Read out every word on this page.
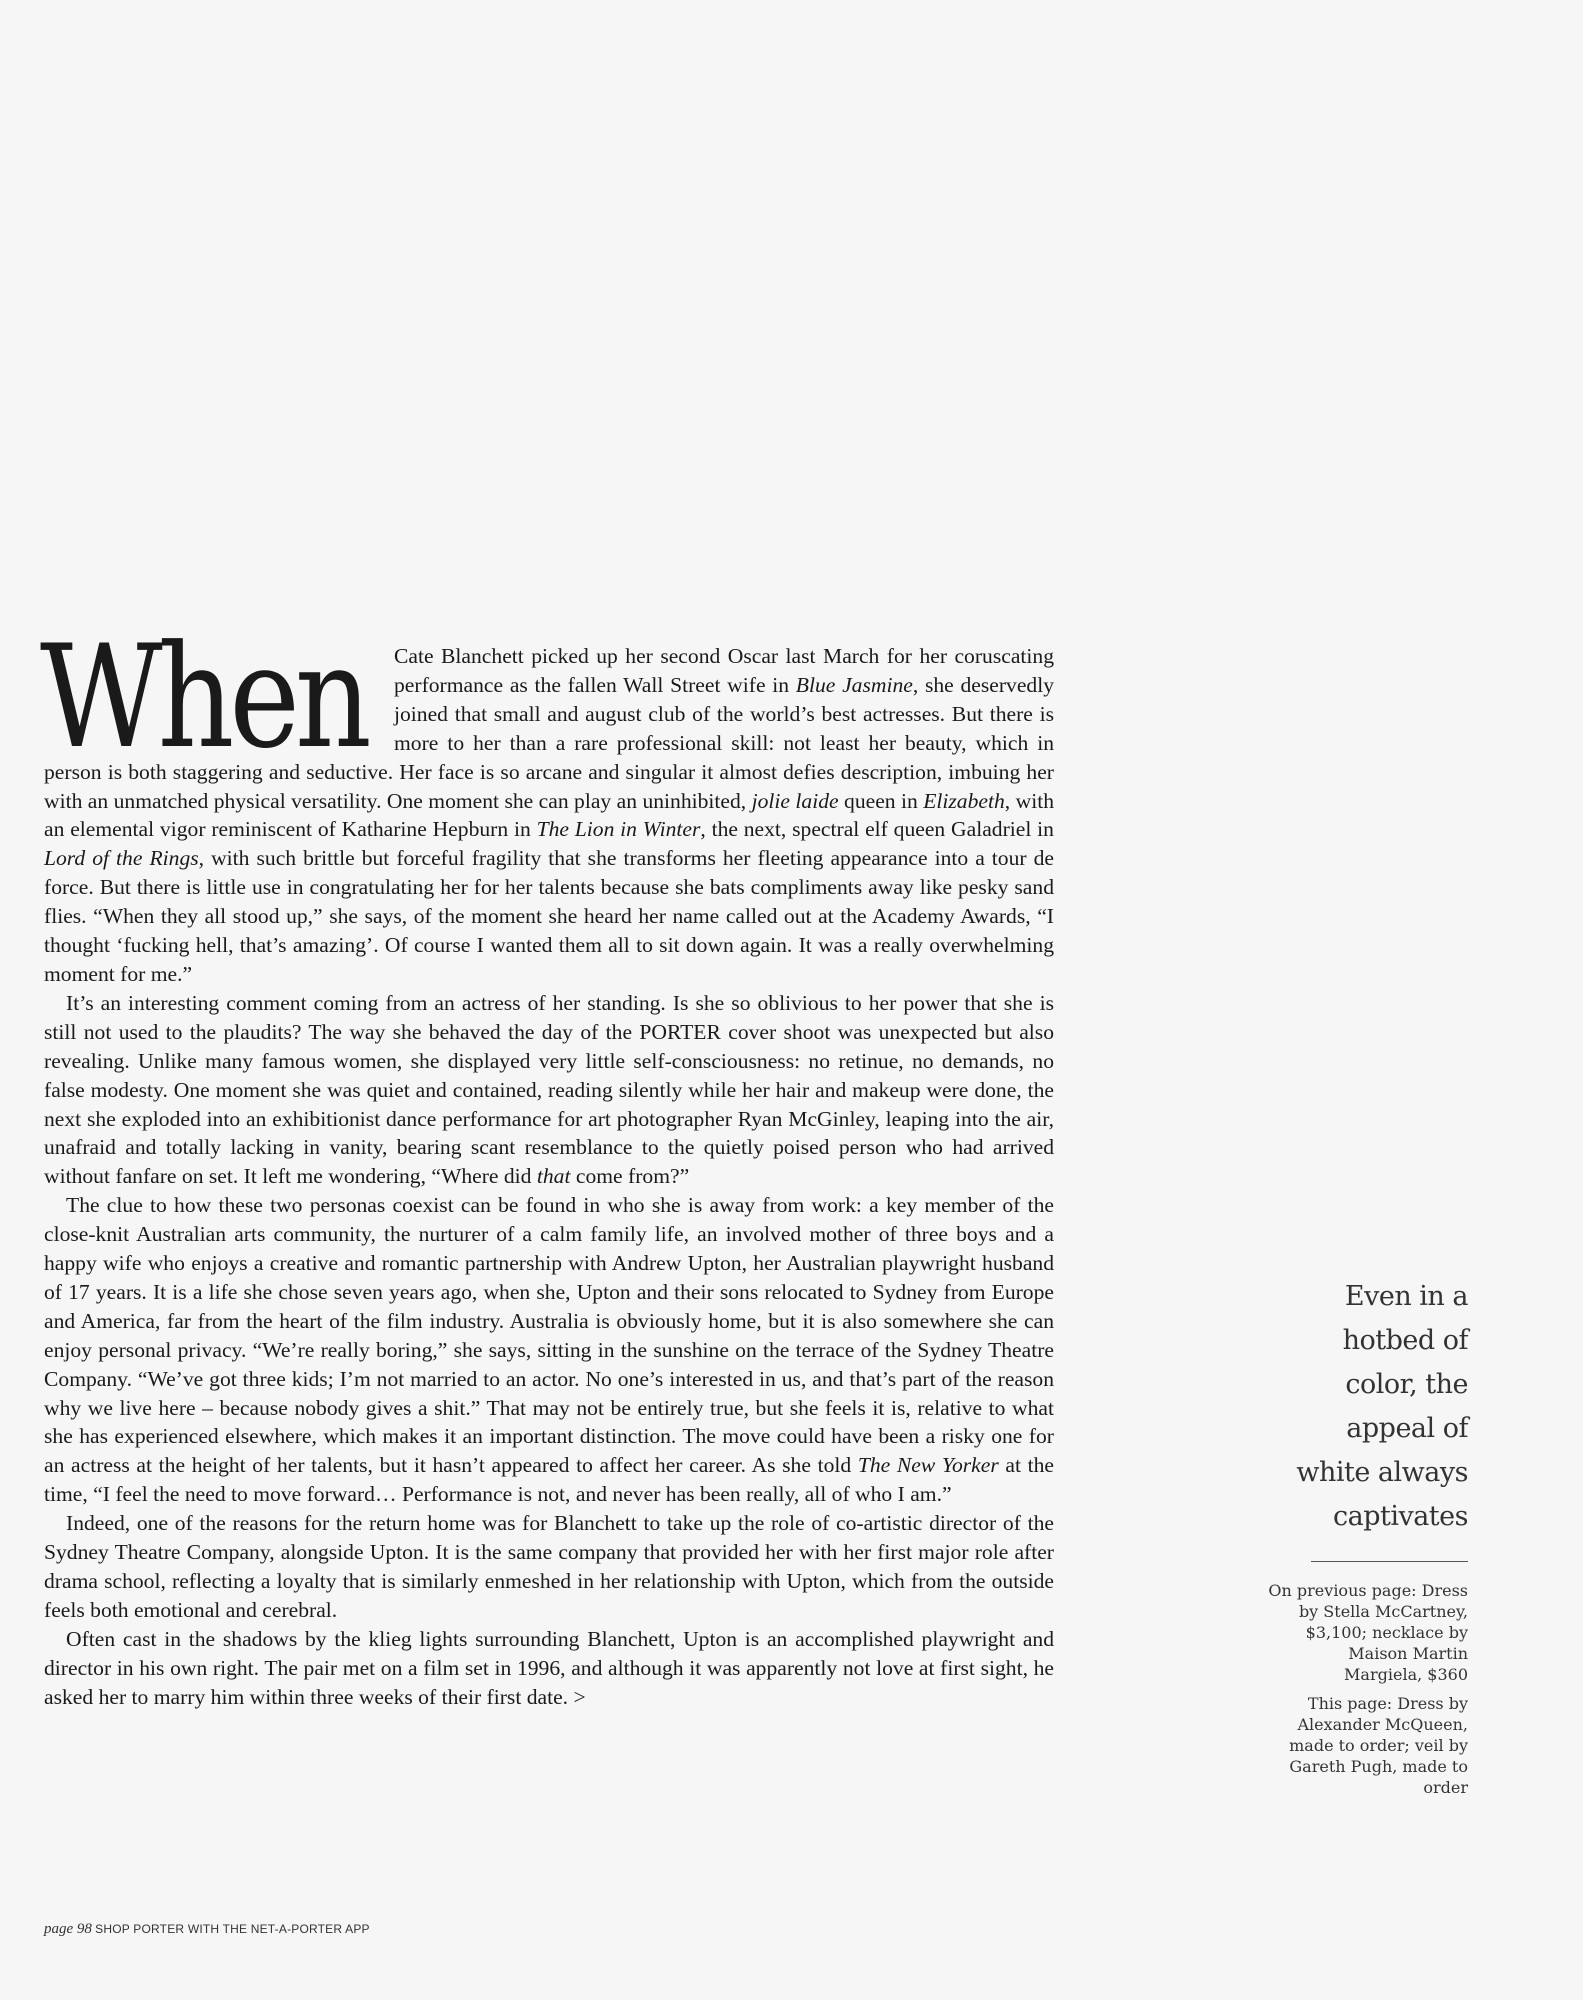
When	Cate Blanchett picked up her second Oscar last March for her coruscating performance as the fallen Wall Street wife in Blue Jasmine, she deservedly joined that small and august club of the world’s best actresses. But there is more to her than a rare professional skill: not least her beauty, which in person is both staggering and seductive. Her face is so arcane and singular it almost defies description, imbuing her with an unmatched physical versatility. One moment she can play an uninhibited, jolie laide queen in Elizabeth, with an elemental vigor reminiscent of Katharine Hepburn in The Lion in Winter, the next, spectral elf queen Galadriel in Lord of the Rings, with such brittle but forceful fragility that she transforms her fleeting appearance into a tour de force. But there is little use in congratulating her for her talents because she bats compliments away like pesky sand flies. “When they all stood up,” she says, of the moment she heard her name called out at the Academy Awards, “I thought ‘fucking hell, that’s amazing’. Of course I wanted them all to sit down again. It was a really overwhelming moment for me.”

It’s an interesting comment coming from an actress of her standing. Is she so oblivious to her power that she is still not used to the plaudits? The way she behaved the day of the PORTER cover shoot was unexpected but also revealing. Unlike many famous women, she displayed very little self-consciousness: no retinue, no demands, no false modesty. One moment she was quiet and contained, reading silently while her hair and makeup were done, the next she exploded into an exhibitionist dance performance for art photographer Ryan McGinley, leaping into the air, unafraid and totally lacking in vanity, bearing scant resemblance to the quietly poised person who had arrived without fanfare on set. It left me wondering, “Where did that come from?”

The clue to how these two personas coexist can be found in who she is away from work: a key member of the close-knit Australian arts community, the nurturer of a calm family life, an involved mother of three boys and a happy wife who enjoys a creative and romantic partnership with Andrew Upton, her Australian playwright husband of 17 years. It is a life she chose seven years ago, when she, Upton and their sons relocated to Sydney from Europe and America, far from the heart of the film industry. Australia is obviously home, but it is also somewhere she can enjoy personal privacy. “We’re really boring,” she says, sitting in the sunshine on the terrace of the Sydney Theatre Company. “We’ve got three kids; I’m not married to an actor. No one’s interested in us, and that’s part of the reason why we live here – because nobody gives a shit.” That may not be entirely true, but she feels it is, relative to what she has experienced elsewhere, which makes it an important distinction. The move could have been a risky one for an actress at the height of her talents, but it hasn’t appeared to affect her career. As she told The New Yorker at the time, “I feel the need to move forward… Performance is not, and never has been really, all of who I am.”

Indeed, one of the reasons for the return home was for Blanchett to take up the role of co-artistic director of the Sydney Theatre Company, alongside Upton. It is the same company that provided her with her first major role after drama school, reflecting a loyalty that is similarly enmeshed in her relationship with Upton, which from the outside feels both emotional and cerebral.

Often cast in the shadows by the klieg lights surrounding Blanchett, Upton is an accomplished playwright and director in his own right. The pair met on a film set in 1996, and although it was apparently not love at first sight, he asked her to marry him within three weeks of their first date. >

Even in a
hotbed of
color, the
appeal of
white always
captivates

On previous page: Dress by Stella McCartney, $3,100; necklace by Maison Martin Margiela, $360

This page: Dress by Alexander McQueen, made to order; veil by Gareth Pugh, made to order

page 98 SHOP PORTER WITH THE NET-A-PORTER APP
